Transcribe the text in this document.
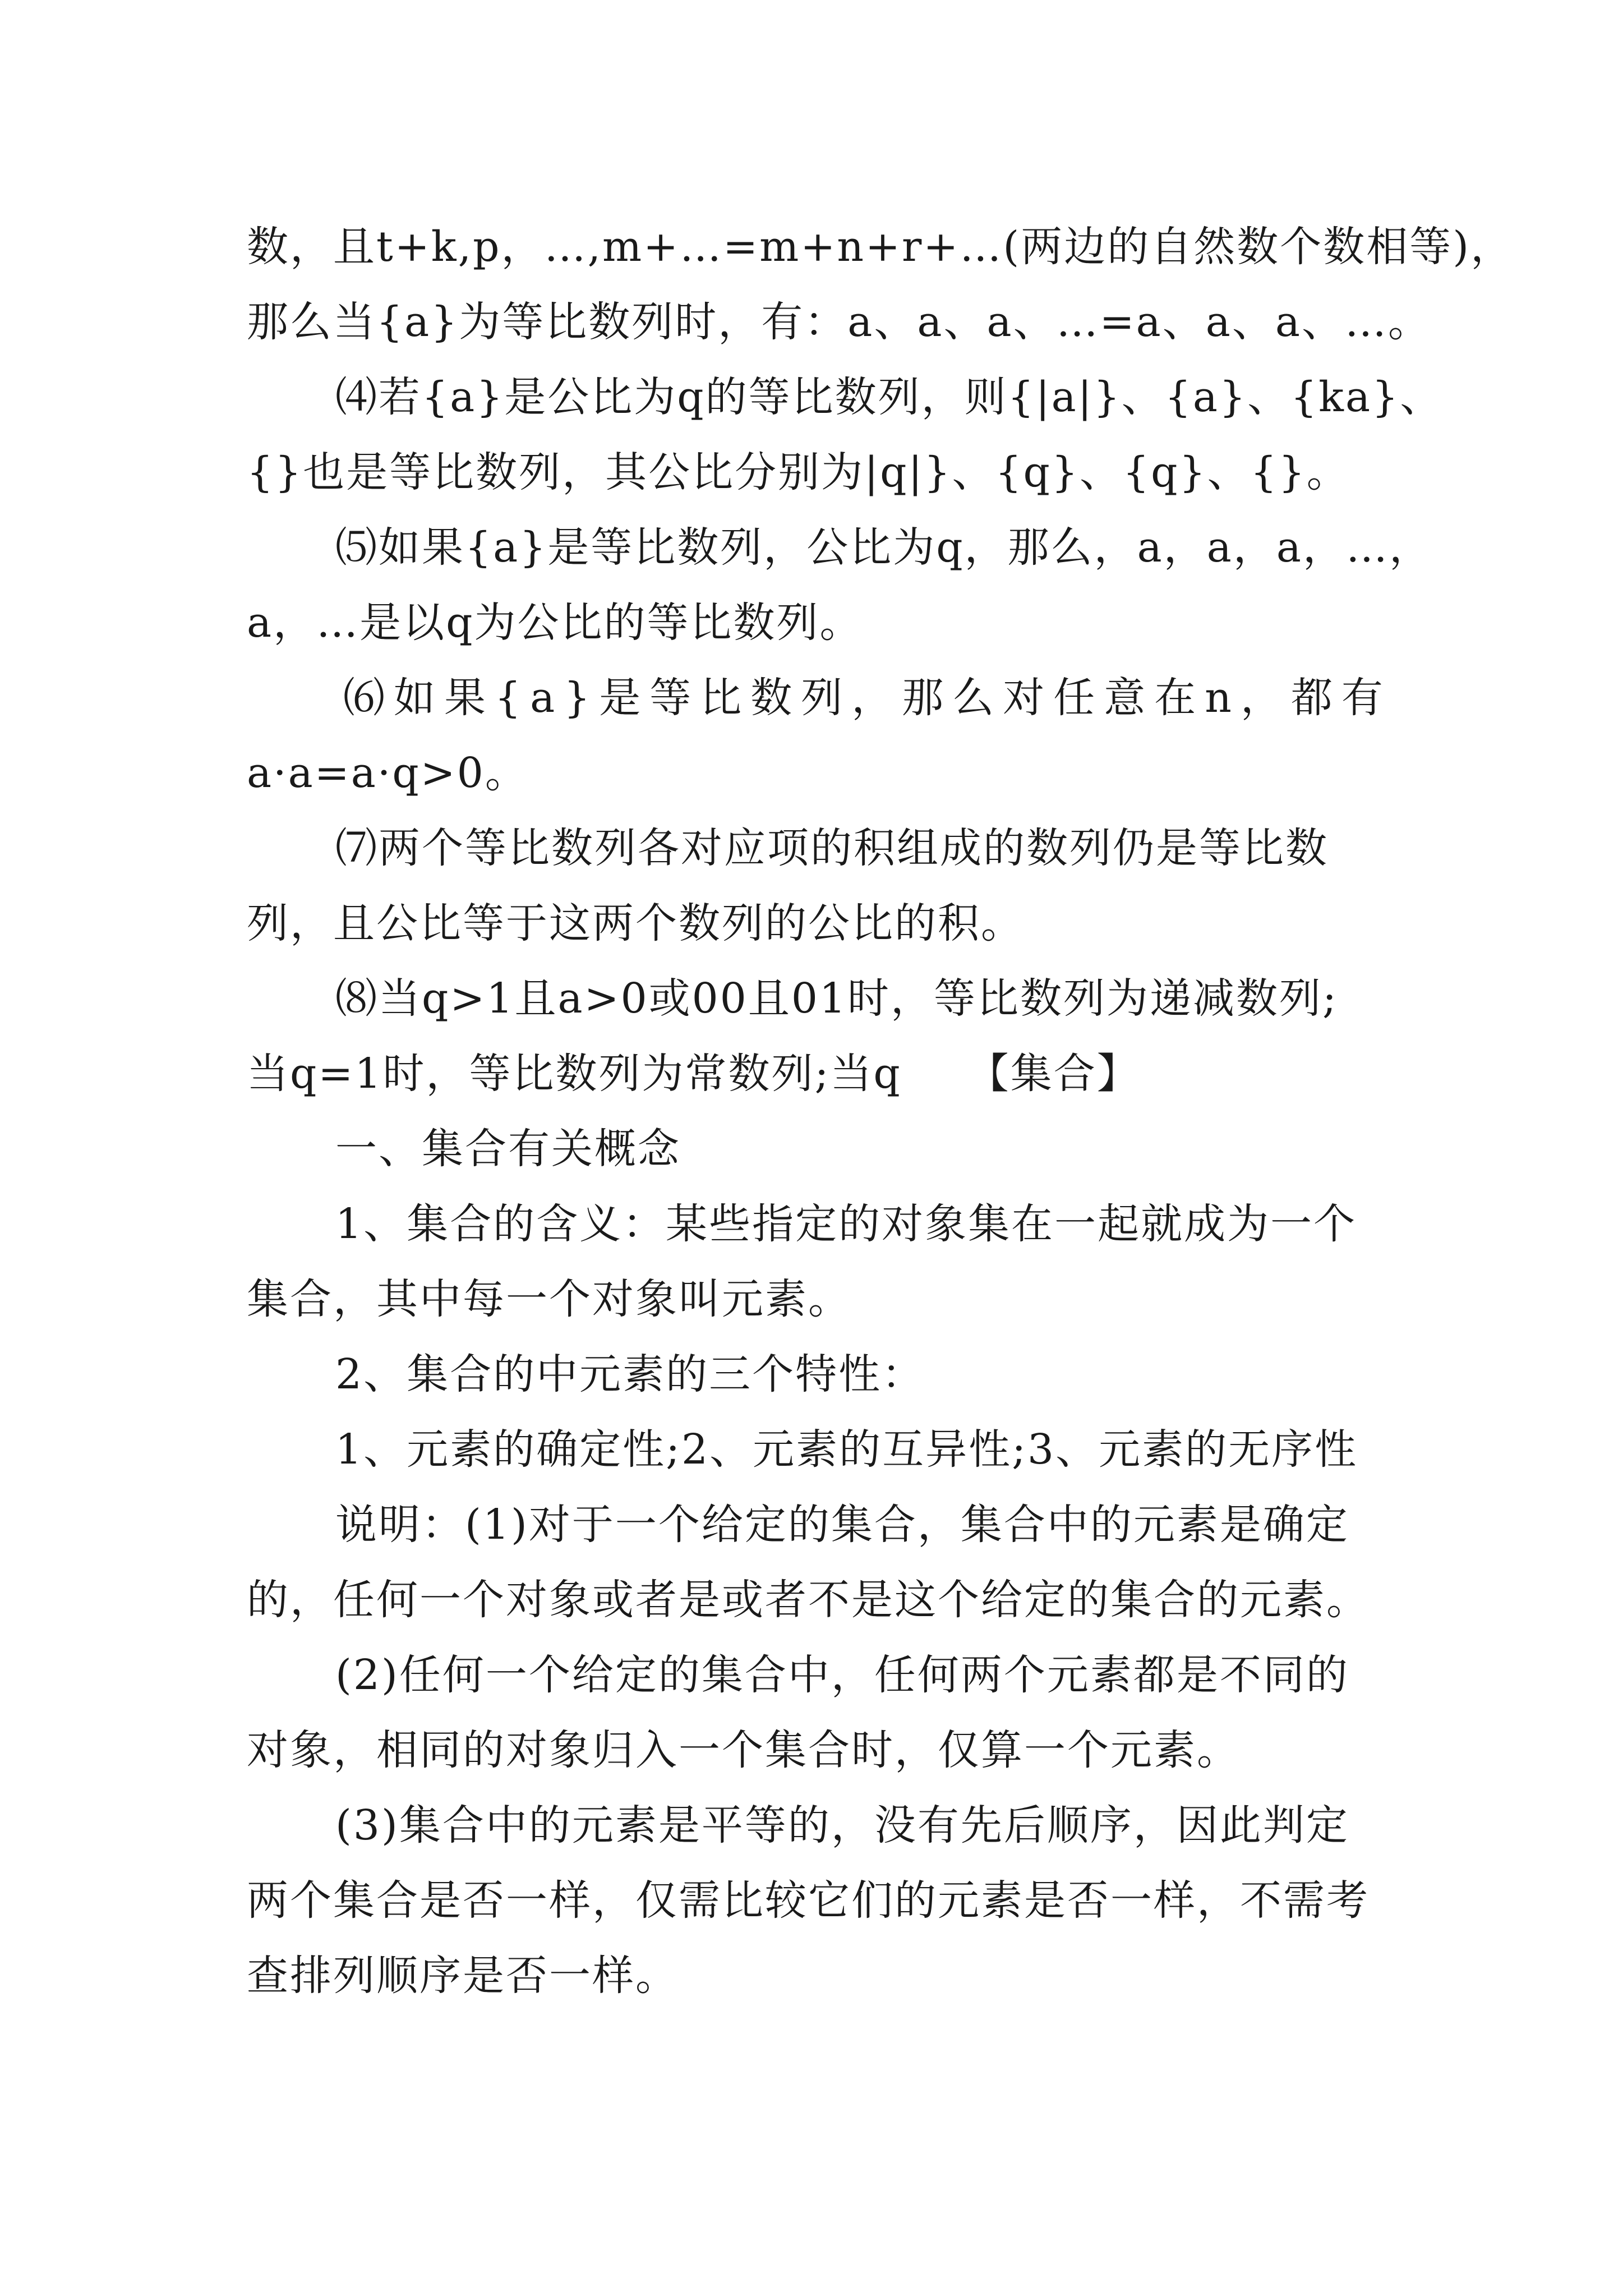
数，且t+k,p，…,m+…=m+n+r+…(两边的自然数个数相等)，
那么当{a}为等比数列时，有：a、a、a、…=a、a、a、…。
⑷若{a}是公比为q的等比数列，则{|a|}、{a}、{ka}、
{}也是等比数列，其公比分别为|q|}、{q}、{q}、{}。
⑸如果{a}是等比数列，公比为q，那么，a，a，a，…，
a，…是以q为公比的等比数列。
⑹如果{a}是等比数列，那么对任意在n，都有
a·a=a·q>0。
⑺两个等比数列各对应项的积组成的数列仍是等比数
列，且公比等于这两个数列的公比的积。
⑻当q>1且a>0或00且01时，等比数列为递减数列;
当q=1时，等比数列为常数列;当q　　【集合】
一、集合有关概念
1、集合的含义：某些指定的对象集在一起就成为一个
集合，其中每一个对象叫元素。
2、集合的中元素的三个特性：
1、元素的确定性;2、元素的互异性;3、元素的无序性
说明：(1)对于一个给定的集合，集合中的元素是确定
的，任何一个对象或者是或者不是这个给定的集合的元素。
(2)任何一个给定的集合中，任何两个元素都是不同的
对象，相同的对象归入一个集合时，仅算一个元素。
(3)集合中的元素是平等的，没有先后顺序，因此判定
两个集合是否一样，仅需比较它们的元素是否一样，不需考
查排列顺序是否一样。
